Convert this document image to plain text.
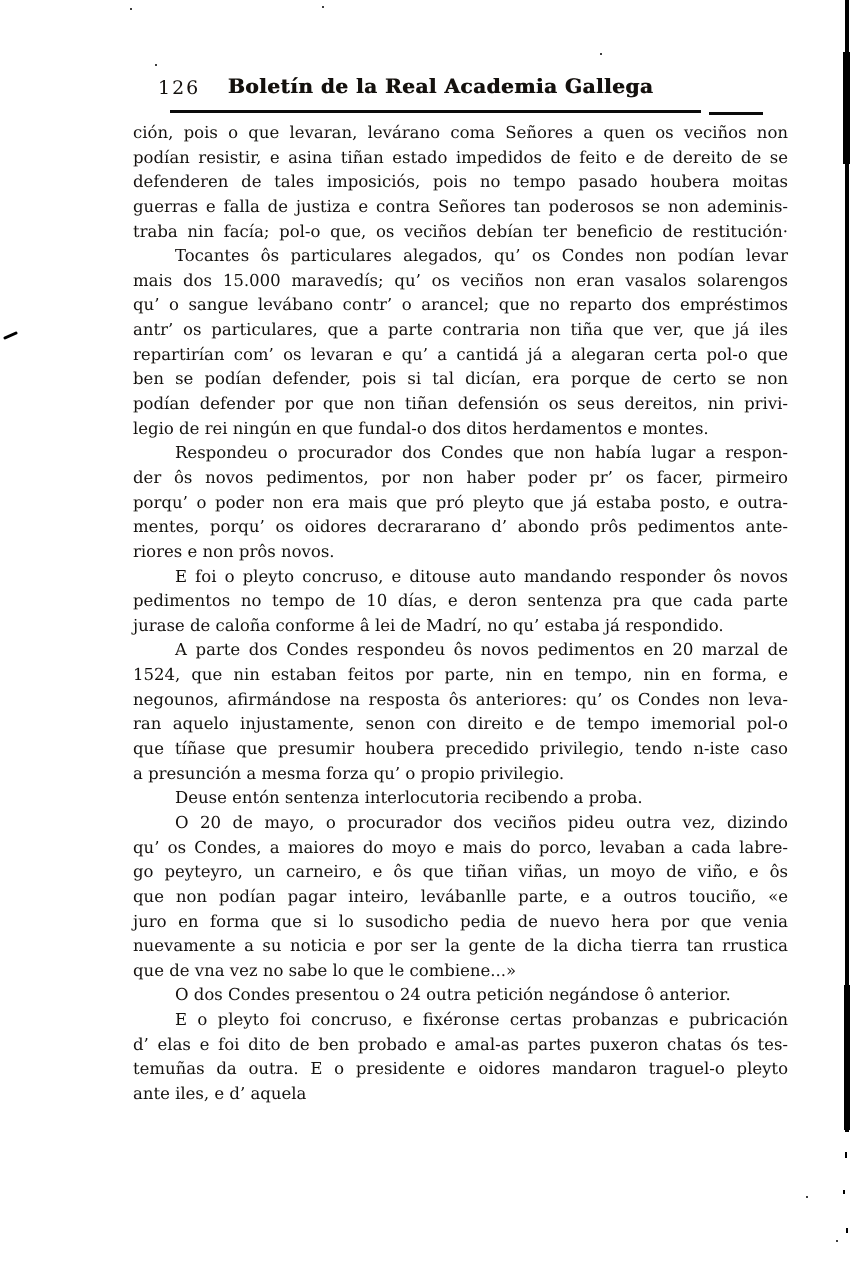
126	Boletín de la Real Academia Gallega
ción, pois o que levaran, levárano coma Señores a quen os veciños non
podían resistir, e asina tiñan estado impedidos de feito e de dereito de se
defenderen de tales imposiciós, pois no tempo pasado houbera moitas
guerras e falla de justiza e contra Señores tan poderosos se non ademinis-
traba nin facía; pol-o que, os veciños debían ter beneficio de restitución·
Tocantes ôs particulares alegados, qu’ os Condes non podían levar
mais dos 15.000 maravedís; qu’ os veciños non eran vasalos solarengos
qu’ o sangue levábano contr’ o arancel; que no reparto dos empréstimos
antr’ os particulares, que a parte contraria non tiña que ver, que já iles
repartirían com’ os levaran e qu’ a cantidá já a alegaran certa pol-o que
ben se podían defender, pois si tal dicían, era porque de certo se non
podían defender por que non tiñan defensión os seus dereitos, nin privi-
legio de rei ningún en que fundal-o dos ditos herdamentos e montes.
Respondeu o procurador dos Condes que non había lugar a respon-
der ôs novos pedimentos, por non haber poder pr’ os facer, pirmeiro
porqu’ o poder non era mais que pró pleyto que já estaba posto, e outra-
mentes, porqu’ os oidores decrararano d’ abondo prôs pedimentos ante-
riores e non prôs novos.
E foi o pleyto concruso, e ditouse auto mandando responder ôs novos
pedimentos no tempo de 10 días, e deron sentenza pra que cada parte
jurase de caloña conforme â lei de Madrí, no qu’ estaba já respondido.
A parte dos Condes respondeu ôs novos pedimentos en 20 marzal de
1524, que nin estaban feitos por parte, nin en tempo, nin en forma, e
negounos, afirmándose na resposta ôs anteriores: qu’ os Condes non leva-
ran aquelo injustamente, senon con direito e de tempo imemorial pol-o
que tíñase que presumir houbera precedido privilegio, tendo n-iste caso
a presunción a mesma forza qu’ o propio privilegio.
Deuse entón sentenza interlocutoria recibendo a proba.
O 20 de mayo, o procurador dos veciños pideu outra vez, dizindo
qu’ os Condes, a maiores do moyo e mais do porco, levaban a cada labre-
go peyteyro, un carneiro, e ôs que tiñan viñas, un moyo de viño, e ôs
que non podían pagar inteiro, levábanlle parte, e a outros touciño, «e
juro en forma que si lo susodicho pedia de nuevo hera por que venia
nuevamente a su noticia e por ser la gente de la dicha tierra tan rrustica
que de vna vez no sabe lo que le combiene...»
O dos Condes presentou o 24 outra petición negándose ô anterior.
E o pleyto foi concruso, e fixéronse certas probanzas e pubricación
d’ elas e foi dito de ben probado e amal-as partes puxeron chatas ós tes-
temuñas da outra. E o presidente e oidores mandaron traguel-o pleyto
ante iles, e d’ aquela
